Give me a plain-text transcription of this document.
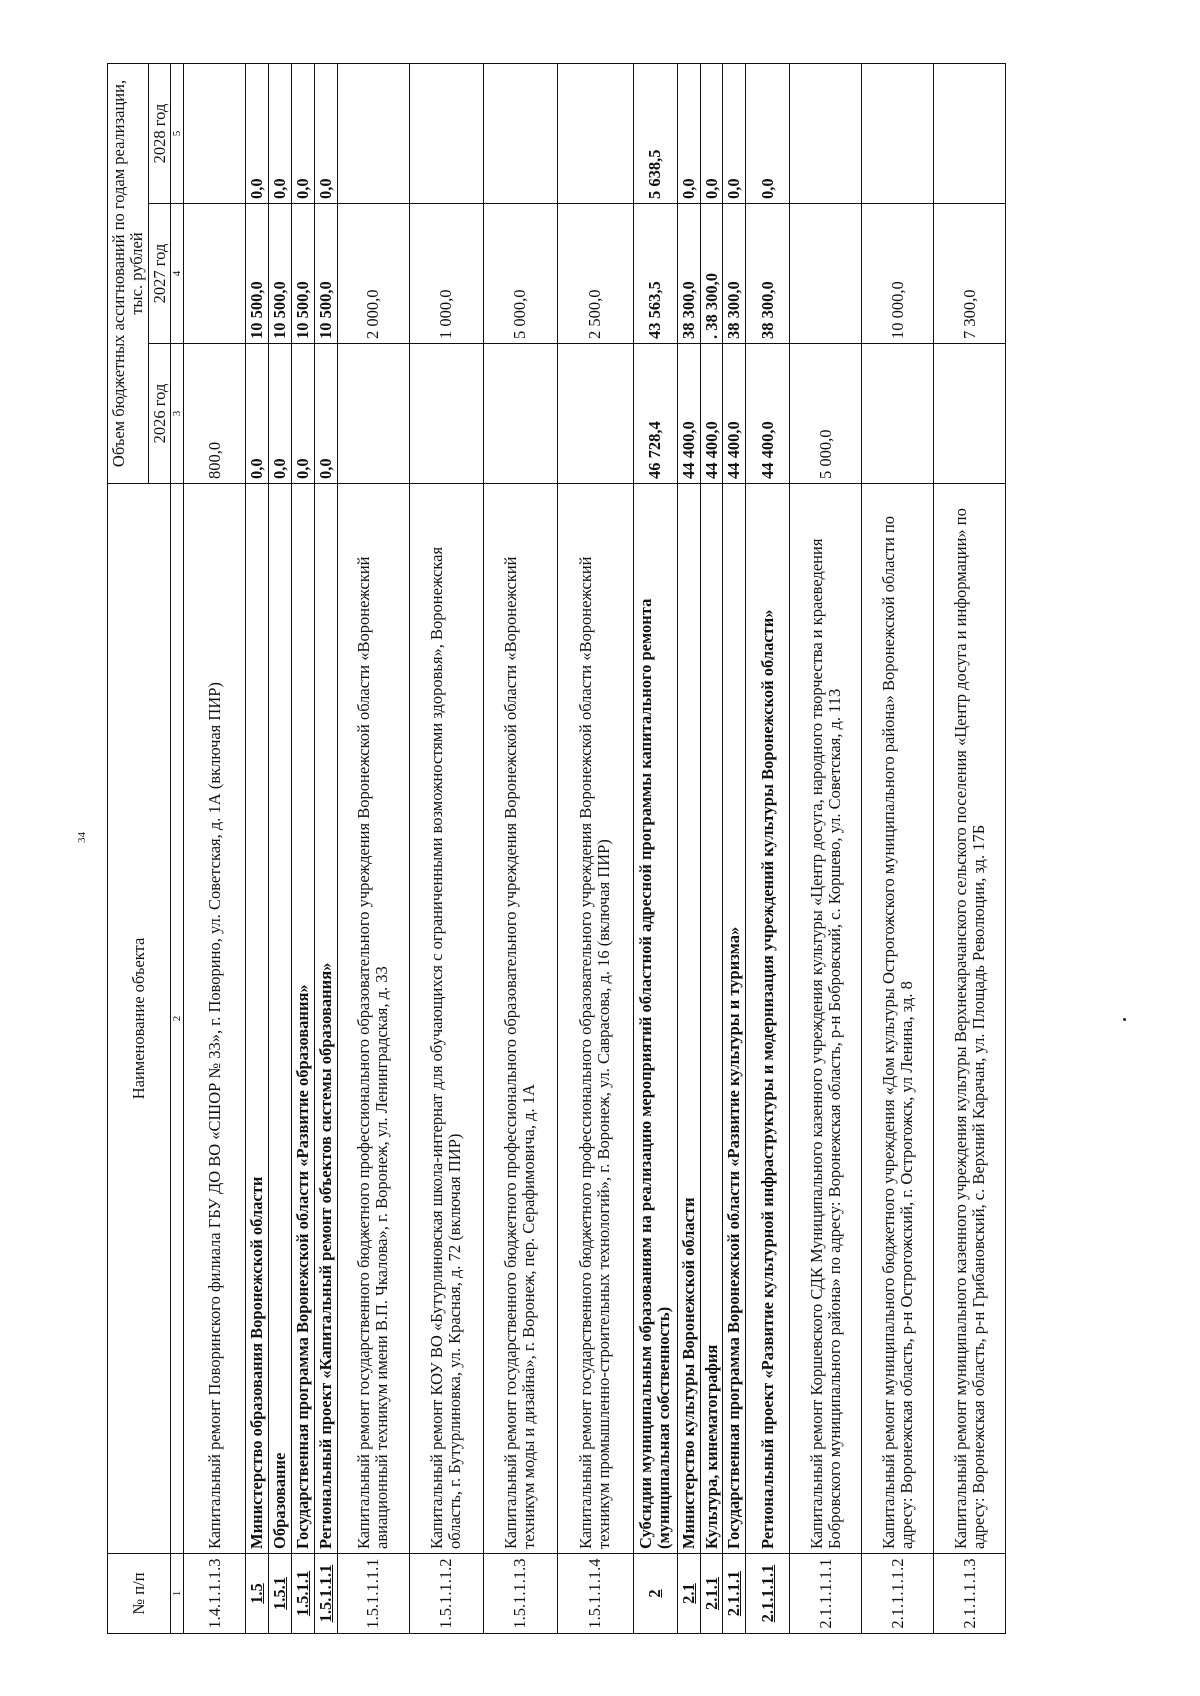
34
№ п/п	Наименование объекта	Объем бюджетных ассигнований по годам реализации, тыс. рублей		
		2026 год	2027 год	2028 год
1	2	3	4	5
1.4.1.1.1.3	Капитальный ремонт Поворинского филиала ГБУ ДО ВО «СШОР № 33», г. Поворино, ул. Советская, д. 1А (включая ПИР)	800,0		
1.5	Министерство образования Воронежской области	0,0	10 500,0	0,0
1.5.1	Образование	0,0	10 500,0	0,0
1.5.1.1	Государственная программа Воронежской области «Развитие образования»	0,0	10 500,0	0,0
1.5.1.1.1	Региональный проект «Капитальный ремонт объектов системы образования»	0,0	10 500,0	0,0
1.5.1.1.1.1	Капитальный ремонт государственного бюджетного профессионального образовательного учреждения Воронежской области «Воронежский авиационный техникум имени В.П. Чкалова», г. Воронеж, ул. Ленинградская, д. 33		2 000,0	
1.5.1.1.1.2	Капитальный ремонт КОУ ВО «Бутурлиновская школа-интернат для обучающихся с ограниченными возможностями здоровья», Воронежская область, г. Бутурлиновка, ул. Красная, д. 72 (включая ПИР)		1 000,0	
1.5.1.1.1.3	Капитальный ремонт государственного бюджетного профессионального образовательного учреждения Воронежской области «Воронежский техникум моды и дизайна», г. Воронеж, пер. Серафимовича, д. 1А		5 000,0	
1.5.1.1.1.4	Капитальный ремонт государственного бюджетного профессионального образовательного учреждения Воронежской области «Воронежский техникум промышленно-строительных технологий», г. Воронеж, ул. Саврасова, д. 16 (включая ПИР)		2 500,0	
2	Субсидии муниципальным образованиям на реализацию мероприятий областной адресной программы капитального ремонта (муниципальная собственность)	46 728,4	43 563,5	5 638,5
2.1	Министерство культуры Воронежской области	44 400,0	38 300,0	0,0
2.1.1	Культура, кинематография	44 400,0	. 38 300,0	0,0
2.1.1.1	Государственная программа Воронежской области «Развитие культуры и туризма»	44 400,0	38 300,0	0,0
2.1.1.1.1	Региональный проект «Развитие культурной инфраструктуры и модернизация учреждений культуры Воронежской области»	44 400,0	38 300,0	0,0
2.1.1.1.1.1	Капитальный ремонт Коршевского СДК Муниципального казенного учреждения культуры «Центр досуга, народного творчества и краеведения Бобровского муниципального района» по адресу: Воронежская область, р-н Бобровский, с. Коршево, ул. Советская, д. 113	5 000,0		
2.1.1.1.1.2	Капитальный ремонт муниципального бюджетного учреждения «Дом культуры Острогожского муниципального района» Воронежской области по адресу: Воронежская область, р-н Острогожский, г. Острогожск, ул Ленина, зд. 8		10 000,0	
2.1.1.1.1.3	Капитальный ремонт муниципального казенного учреждения культуры Верхнекарачанского сельского поселения «Центр досуга и информации» по адресу: Воронежская область, р-н Грибановский, с. Верхний Карачан, ул. Площадь Революции, зд. 17Б		7 300,0	
